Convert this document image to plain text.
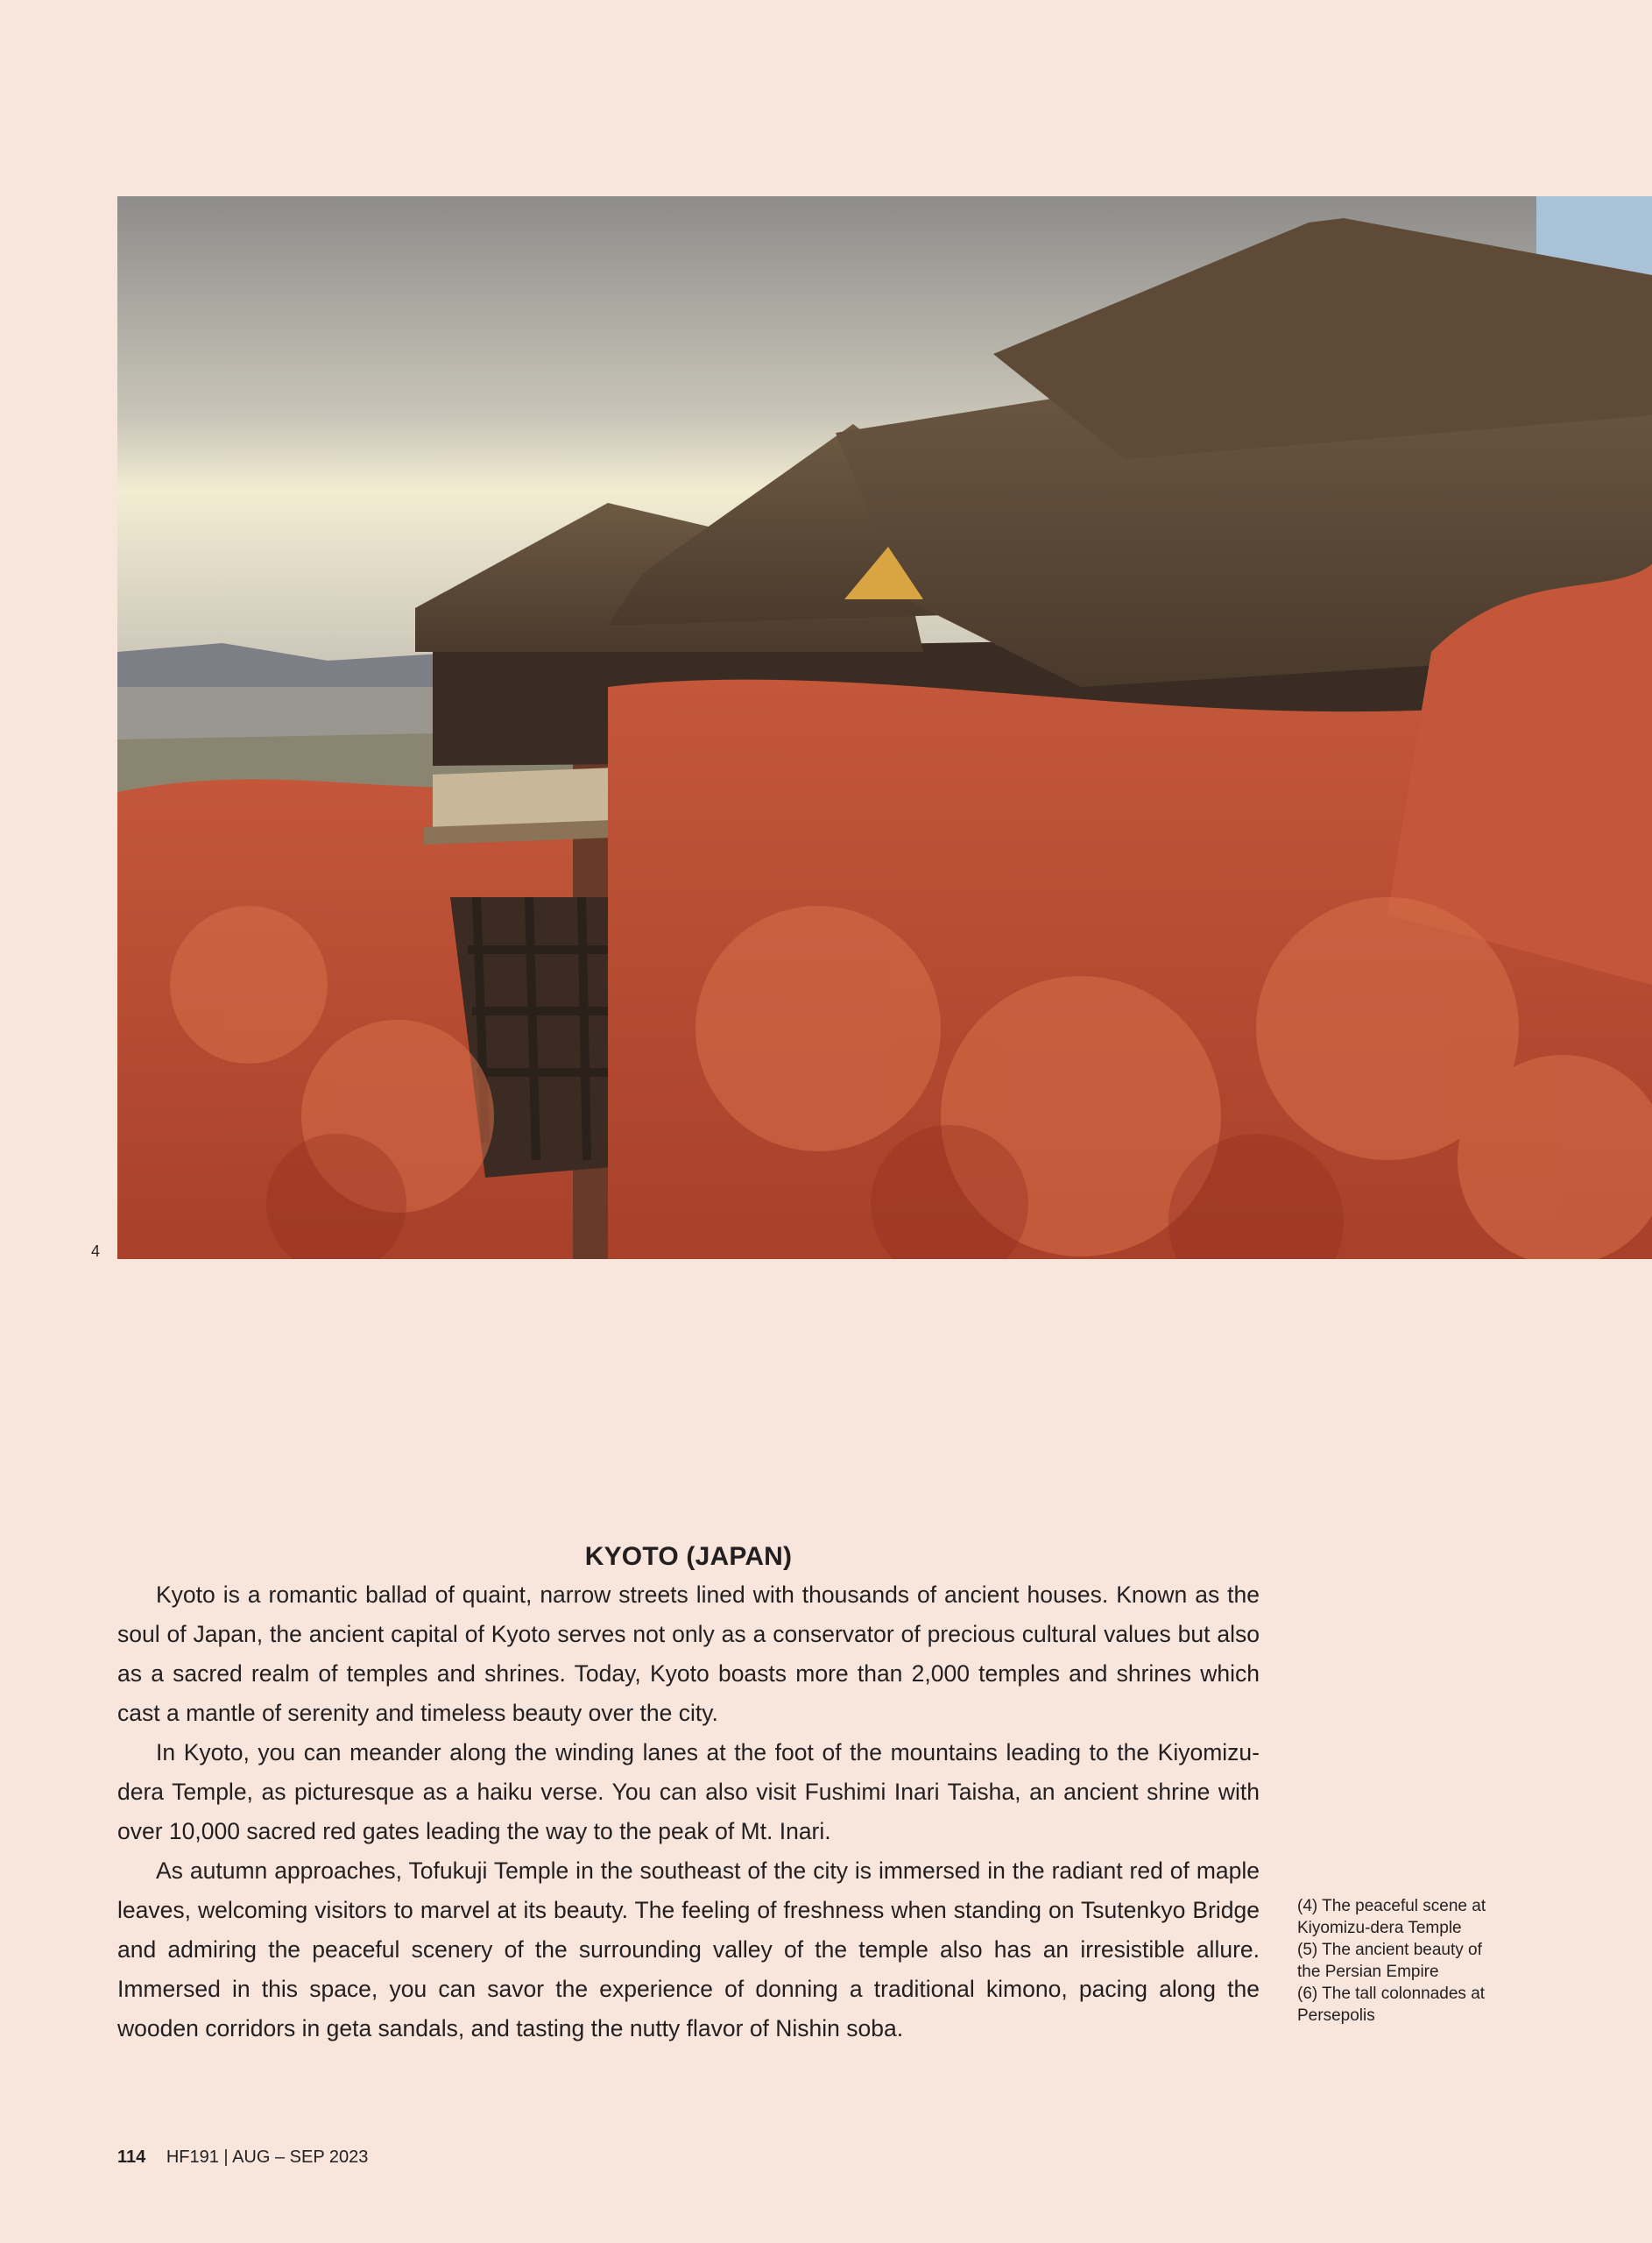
4
KYOTO (JAPAN)

Kyoto is a romantic ballad of quaint, narrow streets lined with thousands of ancient houses. Known as the soul of Japan, the ancient capital of Kyoto serves not only as a conservator of precious cultural values but also as a sacred realm of temples and shrines. Today, Kyoto boasts more than 2,000 temples and shrines which cast a mantle of serenity and timeless beauty over the city.

In Kyoto, you can meander along the winding lanes at the foot of the mountains leading to the Kiyomizu-dera Temple, as picturesque as a haiku verse. You can also visit Fushimi Inari Taisha, an ancient shrine with over 10,000 sacred red gates leading the way to the peak of Mt. Inari.

As autumn approaches, Tofukuji Temple in the southeast of the city is immersed in the radiant red of maple leaves, welcoming visitors to marvel at its beauty. The feeling of freshness when standing on Tsutenkyo Bridge and admiring the peaceful scenery of the surrounding valley of the temple also has an irresistible allure. Immersed in this space, you can savor the experience of donning a traditional kimono, pacing along the wooden corridors in geta sandals, and tasting the nutty flavor of Nishin soba.

(4) The peaceful scene at Kiyomizu-dera Temple
(5) The ancient beauty of the Persian Empire
(6) The tall colonnades at Persepolis
114 HF191 | AUG – SEP 2023
